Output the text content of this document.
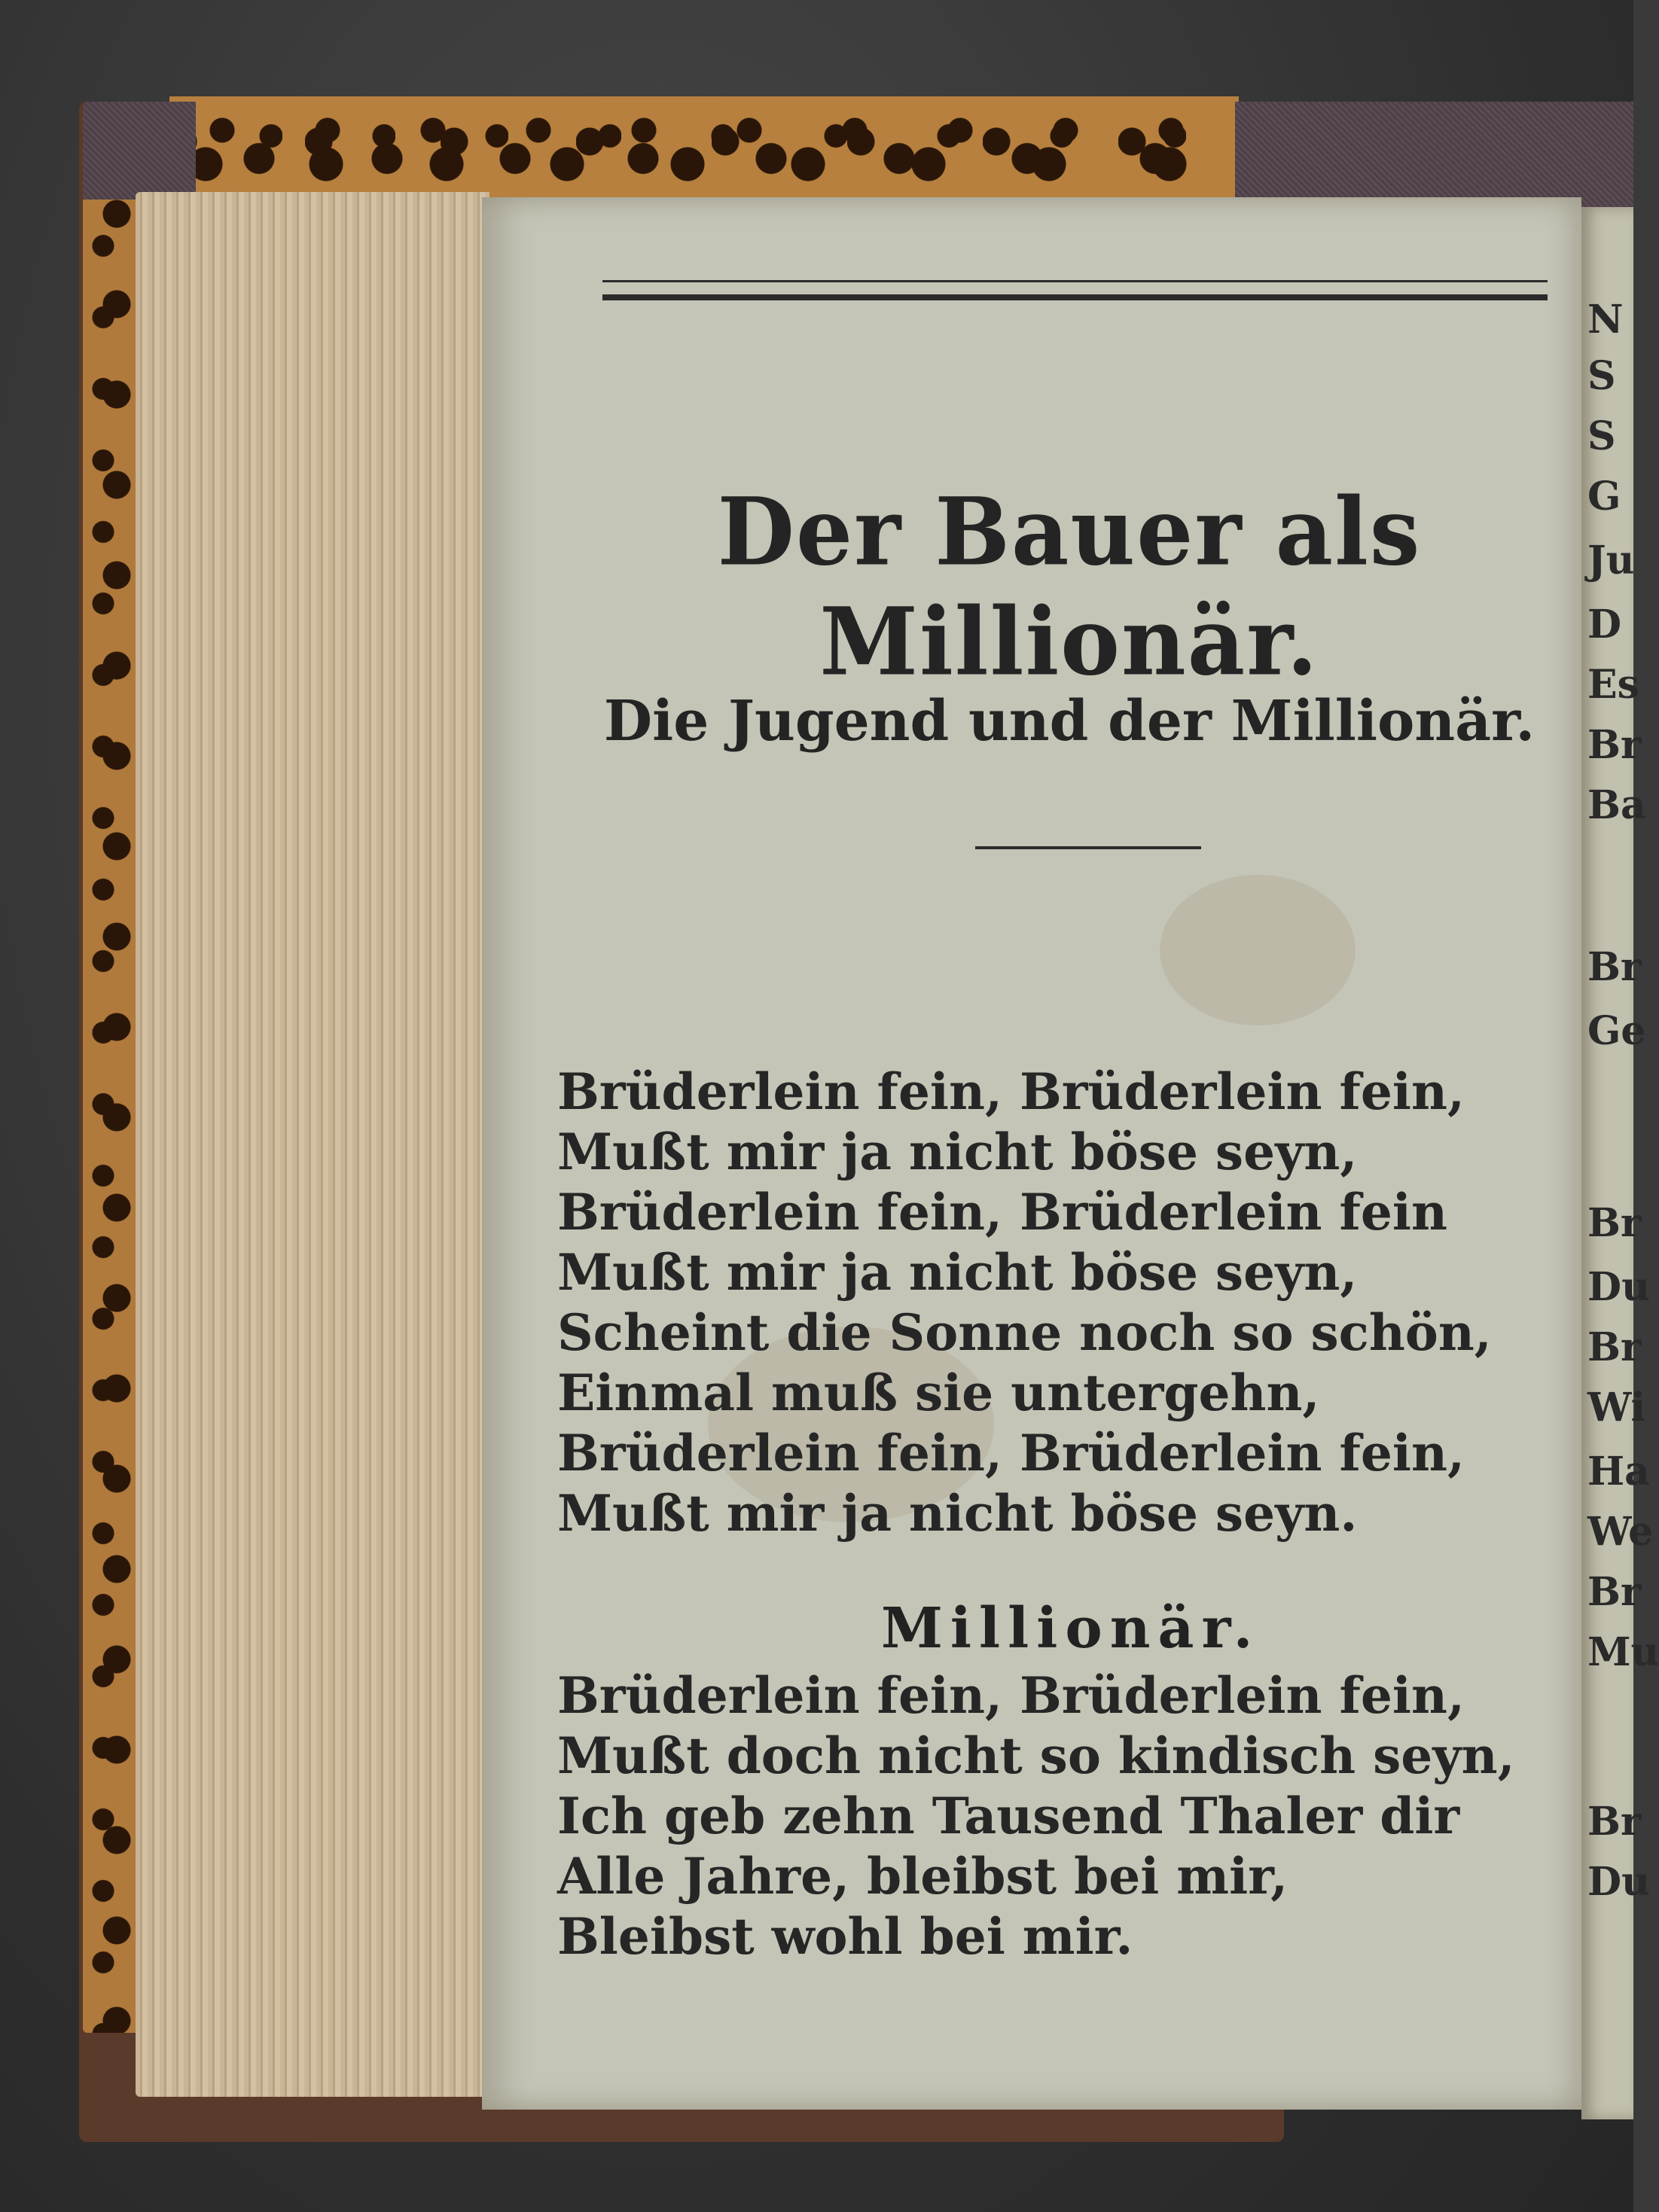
N
S
S
G
Ju
D
Es
Br
Ba
Br
Ge
Br
Du
Br
Wi
Ha
We
Br
Mu
Br
Du
Der Bauer als Millionär.
Die Jugend und der Millionär.
Brüderlein fein, Brüderlein fein,
Mußt mir ja nicht böse seyn,
Brüderlein fein, Brüderlein fein
Mußt mir ja nicht böse seyn,
Scheint die Sonne noch so schön,
Einmal muß sie untergehn,
Brüderlein fein, Brüderlein fein,
Mußt mir ja nicht böse seyn.
Millionär.
Brüderlein fein, Brüderlein fein,
Mußt doch nicht so kindisch seyn,
Ich geb zehn Tausend Thaler dir
Alle Jahre, bleibst bei mir,
Bleibst wohl bei mir.
